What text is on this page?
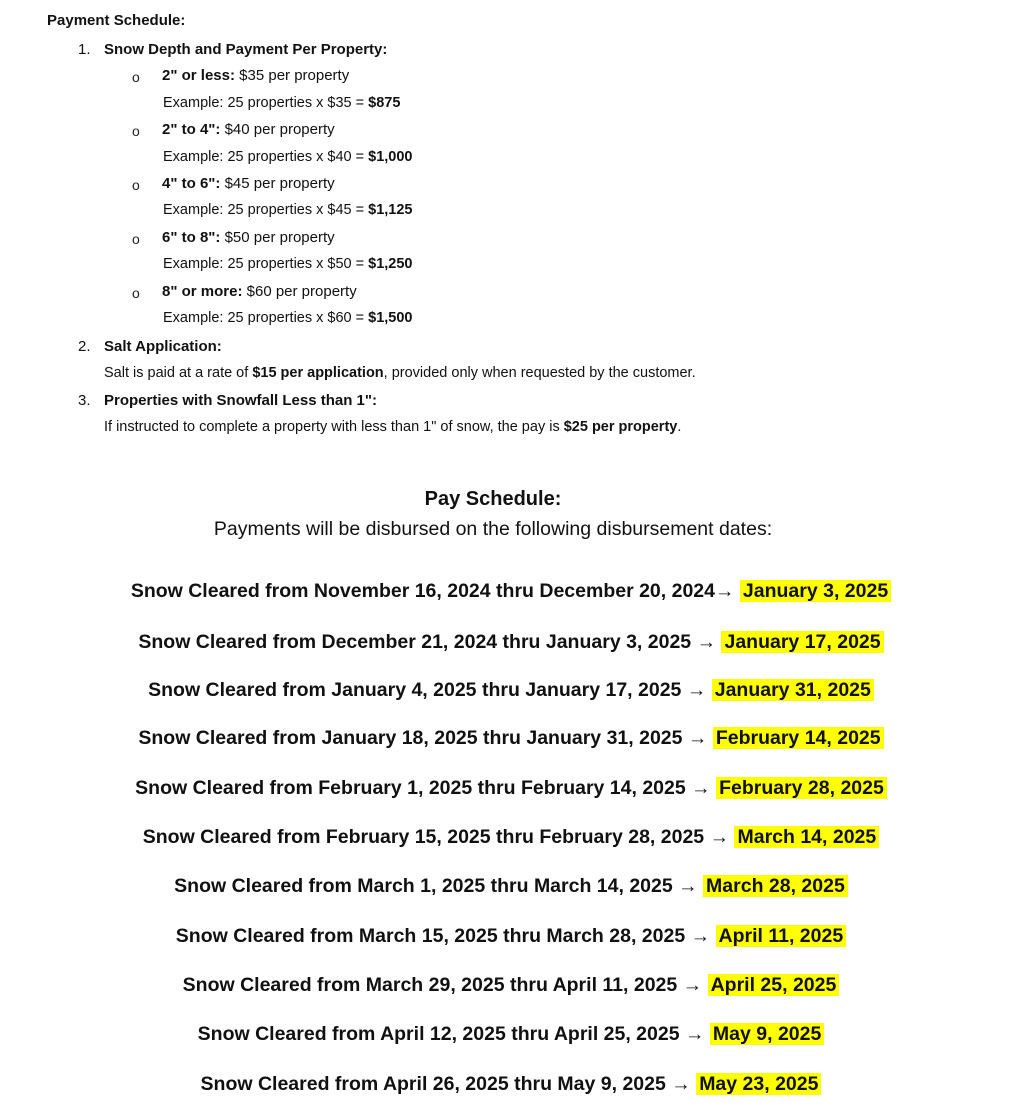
Payment Schedule:
1. Snow Depth and Payment Per Property:
o 2" or less: $35 per property
Example: 25 properties x $35 = $875
o 2" to 4": $40 per property
Example: 25 properties x $40 = $1,000
o 4" to 6": $45 per property
Example: 25 properties x $45 = $1,125
o 6" to 8": $50 per property
Example: 25 properties x $50 = $1,250
o 8" or more: $60 per property
Example: 25 properties x $60 = $1,500
2. Salt Application:
Salt is paid at a rate of $15 per application, provided only when requested by the customer.
3. Properties with Snowfall Less than 1":
If instructed to complete a property with less than 1" of snow, the pay is $25 per property.
Pay Schedule:
Payments will be disbursed on the following disbursement dates:
Snow Cleared from November 16, 2024 thru December 20, 2024→ January 3, 2025
Snow Cleared from December 21, 2024 thru January 3, 2025 → January 17, 2025
Snow Cleared from January 4, 2025 thru January 17, 2025 → January 31, 2025
Snow Cleared from January 18, 2025 thru January 31, 2025 → February 14, 2025
Snow Cleared from February 1, 2025 thru February 14, 2025 → February 28, 2025
Snow Cleared from February 15, 2025 thru February 28, 2025 → March 14, 2025
Snow Cleared from March 1, 2025 thru March 14, 2025 → March 28, 2025
Snow Cleared from March 15, 2025 thru March 28, 2025 → April 11, 2025
Snow Cleared from March 29, 2025 thru April 11, 2025 → April 25, 2025
Snow Cleared from April 12, 2025 thru April 25, 2025 → May 9, 2025
Snow Cleared from April 26, 2025 thru May 9, 2025 → May 23, 2025
